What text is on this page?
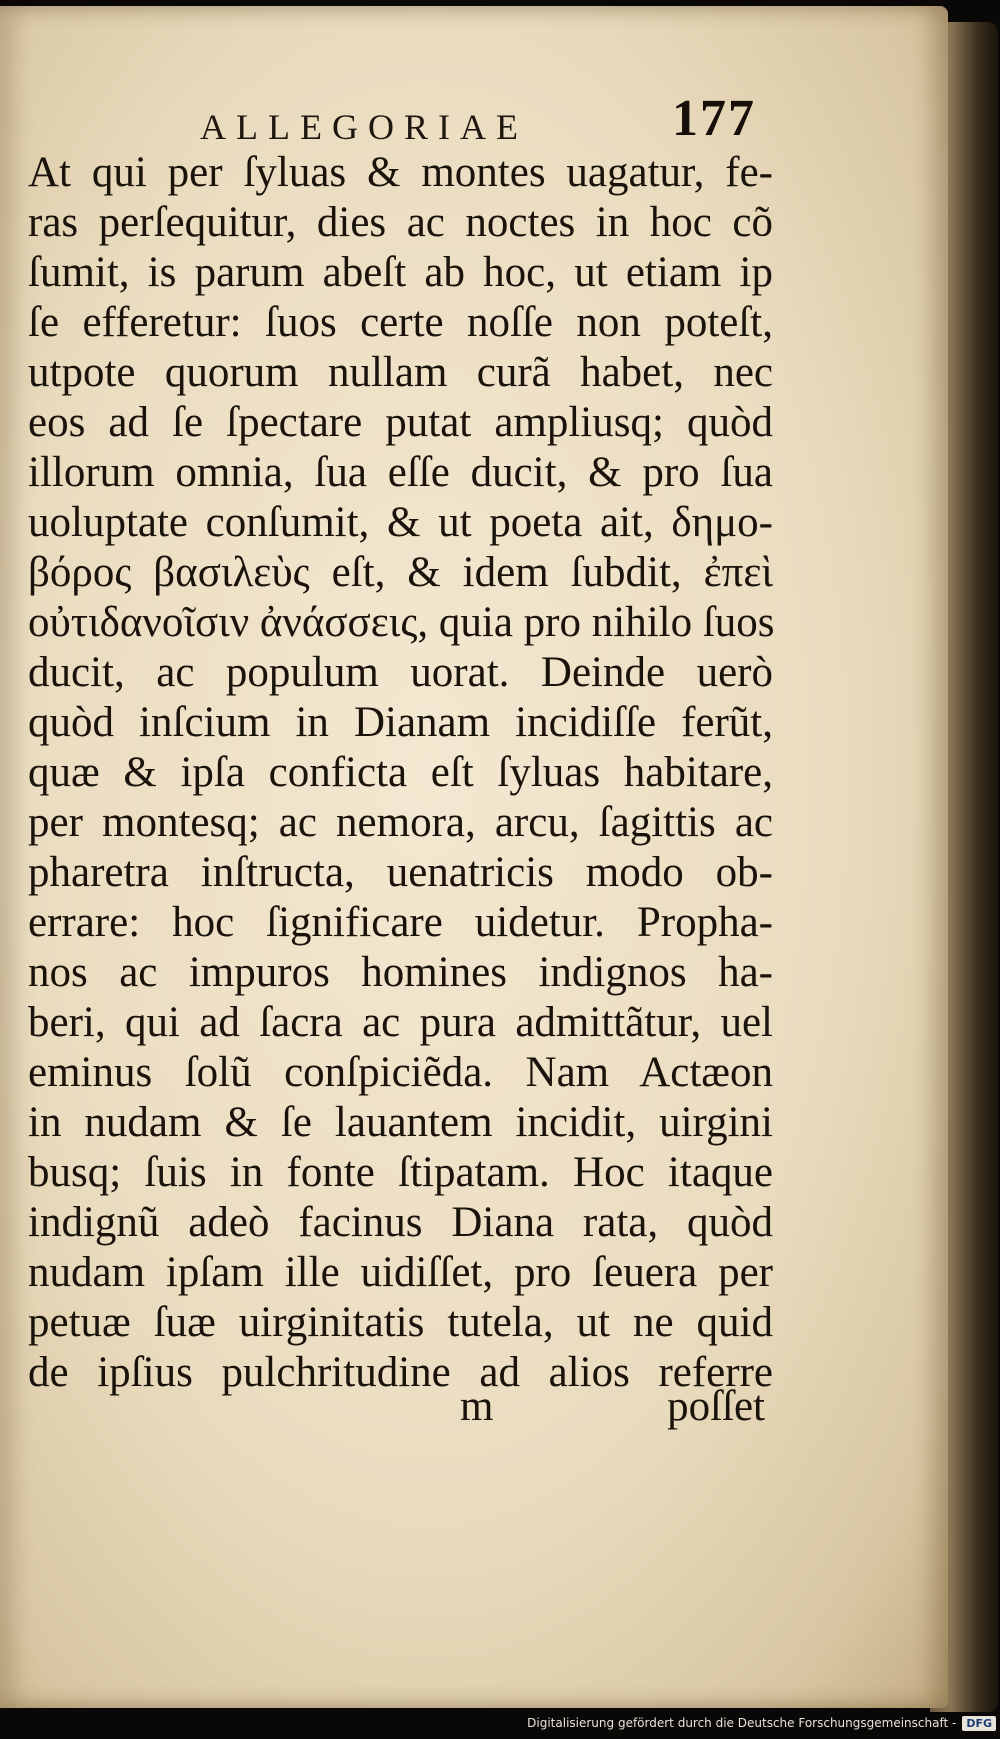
ALLEGORIAE	177
At qui per ſyluas & montes uagatur, fe-
ras perſequitur, dies ac noctes in hoc cõ
ſumit, is parum abeſt ab hoc, ut etiam ip
ſe efferetur: ſuos certe noſſe non poteſt,
utpote quorum nullam curã habet, nec
eos ad ſe ſpectare putat ampliusq; quòd
illorum omnia, ſua eſſe ducit, & pro ſua
uoluptate conſumit, & ut poeta ait, δημο-
βόρος βασιλεὺς eſt, & idem ſubdit, ἐπεὶ
οὐτιδανοῖσιν ἀνάσσεις, quia pro nihilo ſuos
ducit, ac populum uorat. Deinde uerò
quòd inſcium in Dianam incidiſſe ferũt,
quæ & ipſa conficta eſt ſyluas habitare,
per montesq; ac nemora, arcu, ſagittis ac
pharetra inſtructa, uenatricis modo ob-
errare: hoc ſignificare uidetur. Propha-
nos ac impuros homines indignos ha-
beri, qui ad ſacra ac pura admittãtur, uel
eminus ſolũ conſpiciẽda. Nam Actæon
in nudam & ſe lauantem incidit, uirgini
busq; ſuis in fonte ſtipatam. Hoc itaque
indignũ adeò facinus Diana rata, quòd
nudam ipſam ille uidiſſet, pro ſeuera per
petuæ ſuæ uirginitatis tutela, ut ne quid
de ipſius pulchritudine ad alios referre
m	poſſet
Digitalisierung gefördert durch die Deutsche Forschungsgemeinschaft - DFG
